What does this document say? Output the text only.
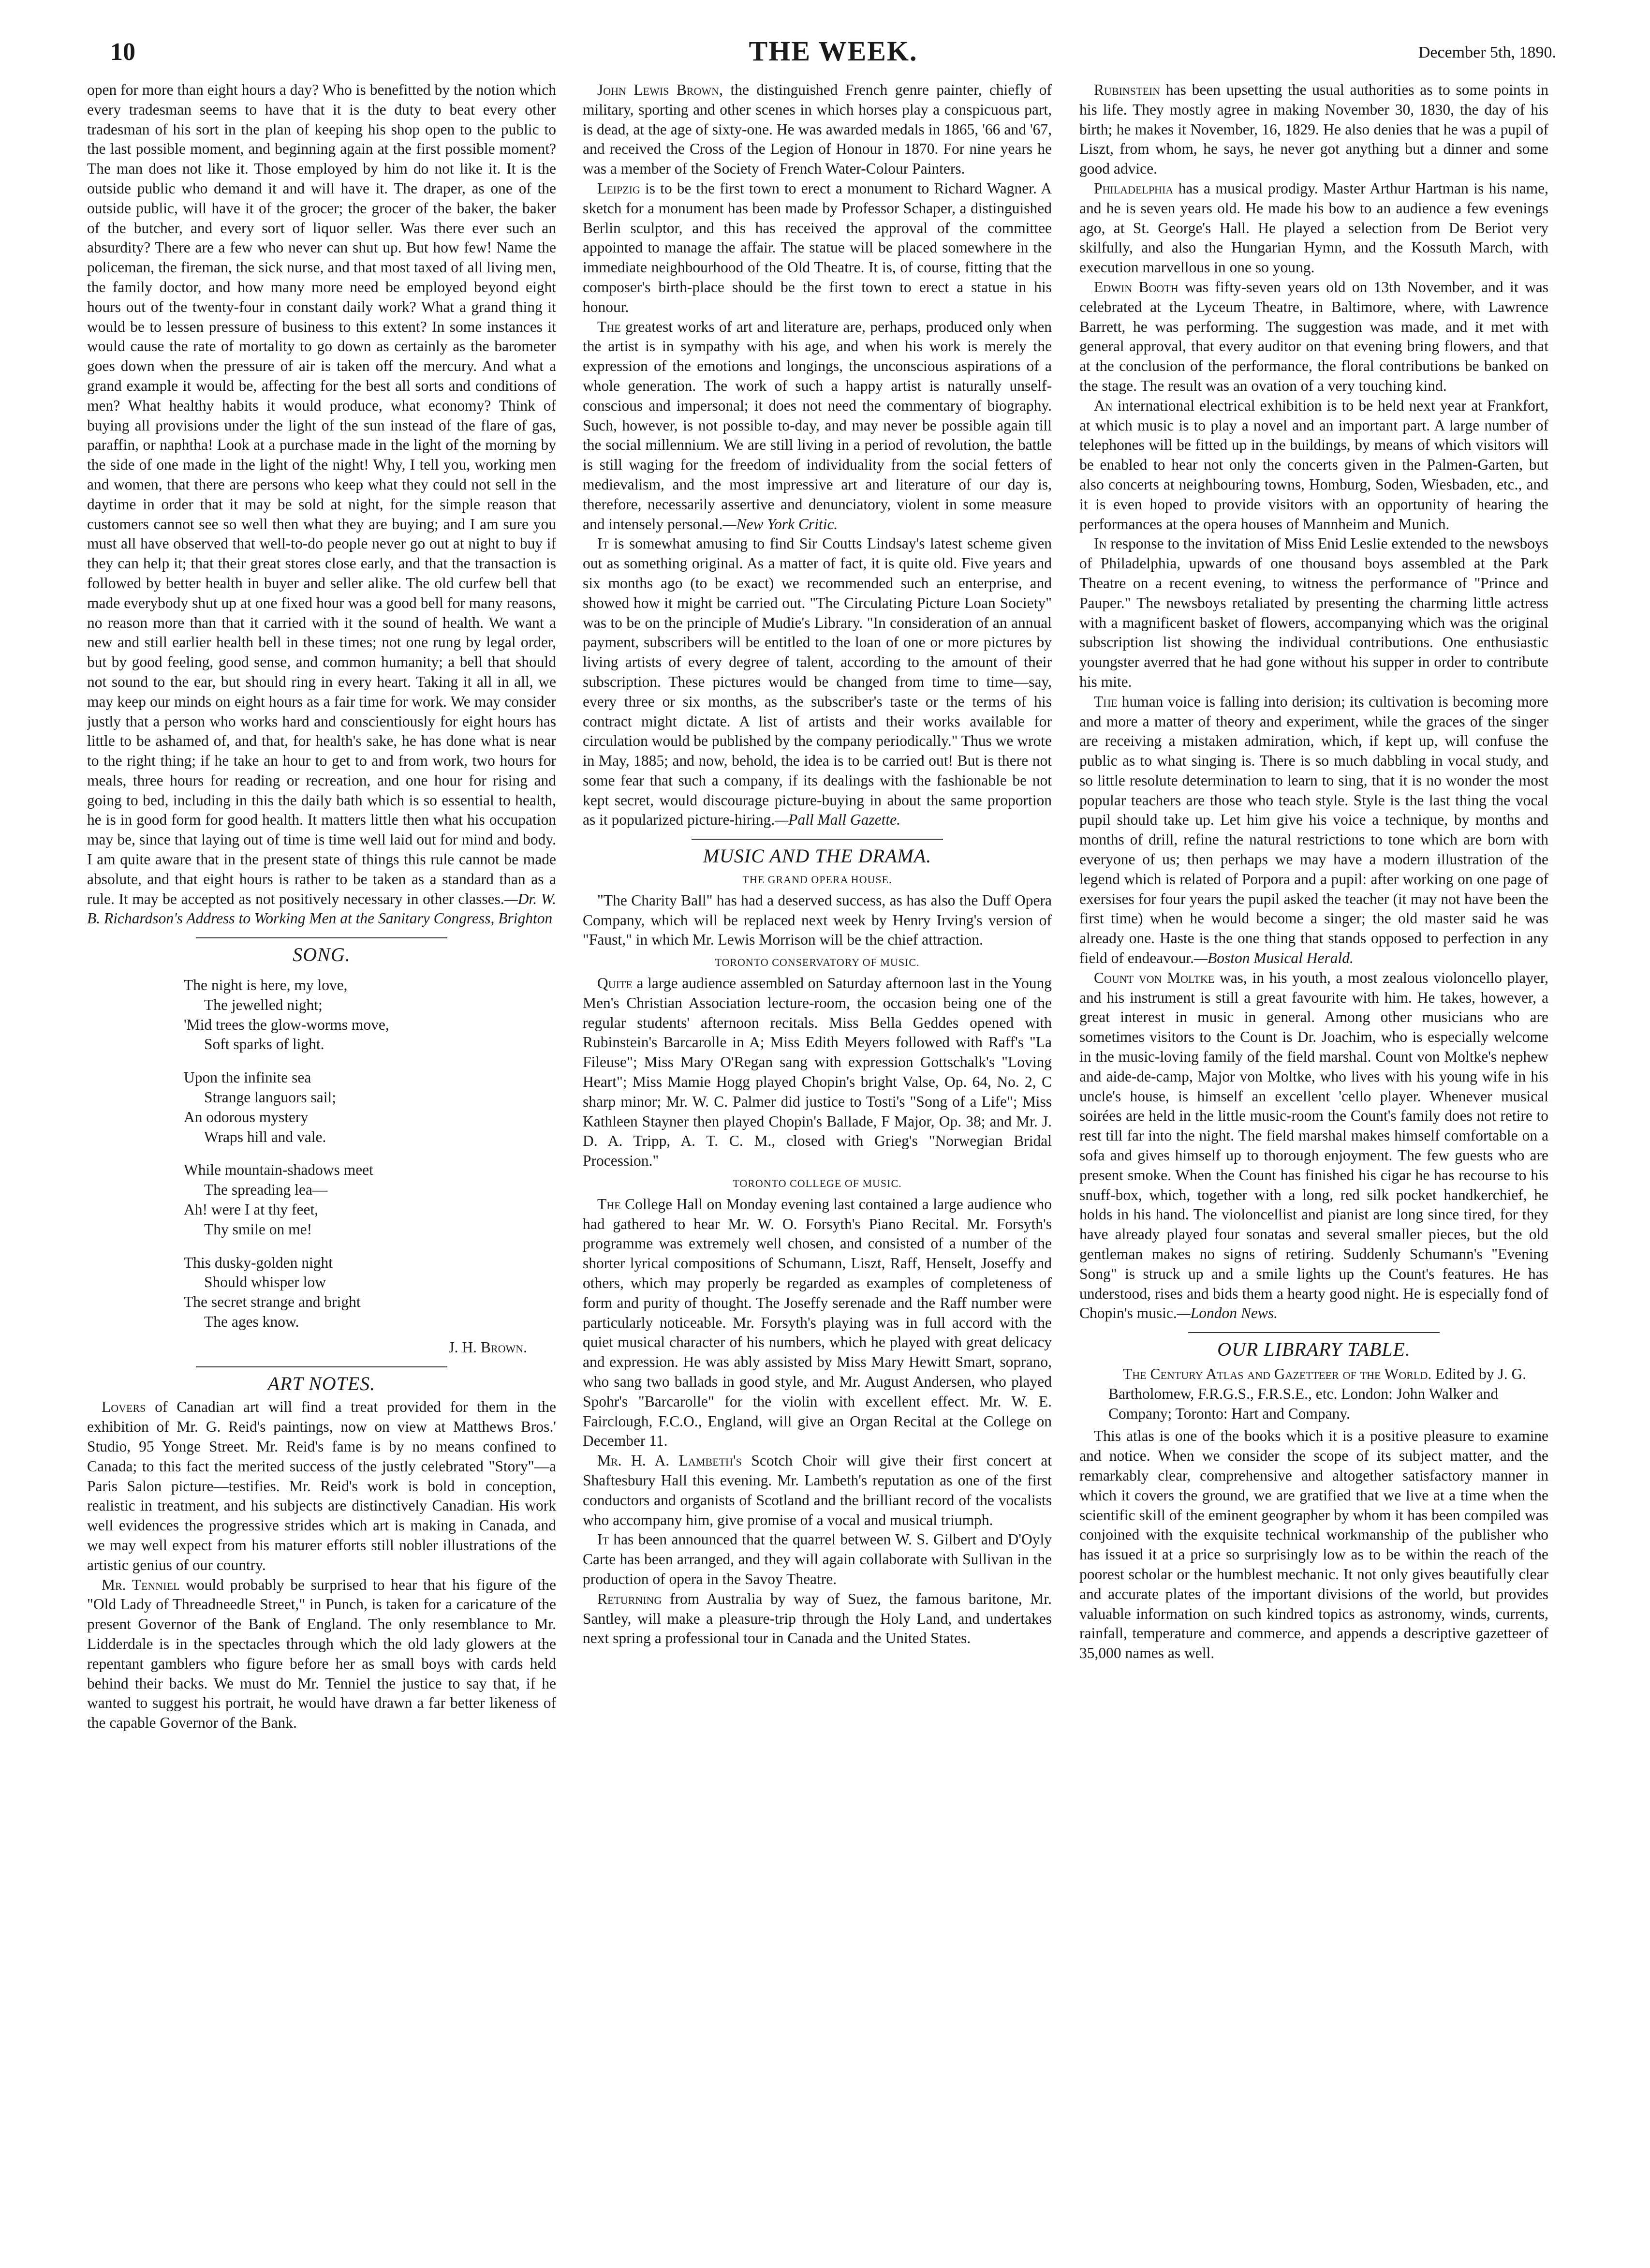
10	THE WEEK.	December 5th, 1890.

open for more than eight hours a day? Who is benefitted by the notion which every tradesman seems to have that it is the duty to beat every other tradesman of his sort in the plan of keeping his shop open to the public to the last possible moment, and beginning again at the first possible moment? The man does not like it. Those employed by him do not like it. It is the outside public who demand it and will have it. The draper, as one of the outside public, will have it of the grocer; the grocer of the baker, the baker of the butcher, and every sort of liquor seller. Was there ever such an absurdity? There are a few who never can shut up. But how few! Name the policeman, the fireman, the sick nurse, and that most taxed of all living men, the family doctor, and how many more need be employed beyond eight hours out of the twenty-four in constant daily work? What a grand thing it would be to lessen pressure of business to this extent? In some instances it would cause the rate of mortality to go down as certainly as the barometer goes down when the pressure of air is taken off the mercury. And what a grand example it would be, affecting for the best all sorts and conditions of men? What healthy habits it would produce, what economy? Think of buying all provisions under the light of the sun instead of the flare of gas, paraffin, or naphtha! Look at a purchase made in the light of the morning by the side of one made in the light of the night! Why, I tell you, working men and women, that there are persons who keep what they could not sell in the daytime in order that it may be sold at night, for the simple reason that customers cannot see so well then what they are buying; and I am sure you must all have observed that well-to-do people never go out at night to buy if they can help it; that their great stores close early, and that the transaction is followed by better health in buyer and seller alike. The old curfew bell that made everybody shut up at one fixed hour was a good bell for many reasons, no reason more than that it carried with it the sound of health. We want a new and still earlier health bell in these times; not one rung by legal order, but by good feeling, good sense, and common humanity; a bell that should not sound to the ear, but should ring in every heart. Taking it all in all, we may keep our minds on eight hours as a fair time for work. We may consider justly that a person who works hard and conscientiously for eight hours has little to be ashamed of, and that, for health's sake, he has done what is near to the right thing; if he take an hour to get to and from work, two hours for meals, three hours for reading or recreation, and one hour for rising and going to bed, including in this the daily bath which is so essential to health, he is in good form for good health. It matters little then what his occupation may be, since that laying out of time is time well laid out for mind and body. I am quite aware that in the present state of things this rule cannot be made absolute, and that eight hours is rather to be taken as a standard than as a rule. It may be accepted as not positively necessary in other classes.—Dr. W. B. Richardson's Address to Working Men at the Sanitary Congress, Brighton

SONG.
The night is here, my love,
The jewelled night;
'Mid trees the glow-worms move,
Soft sparks of light.
Upon the infinite sea
Strange languors sail;
An odorous mystery
Wraps hill and vale.
While mountain-shadows meet
The spreading lea—
Ah! were I at thy feet,
Thy smile on me!
This dusky-golden night
Should whisper low
The secret strange and bright
The ages know.
J. H. Brown.
ART NOTES.

Lovers of Canadian art will find a treat provided for them in the exhibition of Mr. G. Reid's paintings, now on view at Matthews Bros.' Studio, 95 Yonge Street. Mr. Reid's fame is by no means confined to Canada; to this fact the merited success of the justly celebrated "Story"—a Paris Salon picture—testifies. Mr. Reid's work is bold in conception, realistic in treatment, and his subjects are distinctively Canadian. His work well evidences the progressive strides which art is making in Canada, and we may well expect from his maturer efforts still nobler illustrations of the artistic genius of our country.

Mr. Tenniel would probably be surprised to hear that his figure of the "Old Lady of Threadneedle Street," in Punch, is taken for a caricature of the present Governor of the Bank of England. The only resemblance to Mr. Lidderdale is in the spectacles through which the old lady glowers at the repentant gamblers who figure before her as small boys with cards held behind their backs. We must do Mr. Tenniel the justice to say that, if he wanted to suggest his portrait, he would have drawn a far better likeness of the capable Governor of the Bank.

John Lewis Brown, the distinguished French genre painter, chiefly of military, sporting and other scenes in which horses play a conspicuous part, is dead, at the age of sixty-one. He was awarded medals in 1865, '66 and '67, and received the Cross of the Legion of Honour in 1870. For nine years he was a member of the Society of French Water-Colour Painters.

Leipzig is to be the first town to erect a monument to Richard Wagner. A sketch for a monument has been made by Professor Schaper, a distinguished Berlin sculptor, and this has received the approval of the committee appointed to manage the affair. The statue will be placed somewhere in the immediate neighbourhood of the Old Theatre. It is, of course, fitting that the composer's birth-place should be the first town to erect a statue in his honour.

The greatest works of art and literature are, perhaps, produced only when the artist is in sympathy with his age, and when his work is merely the expression of the emotions and longings, the unconscious aspirations of a whole generation. The work of such a happy artist is naturally unself-conscious and impersonal; it does not need the commentary of biography. Such, however, is not possible to-day, and may never be possible again till the social millennium. We are still living in a period of revolution, the battle is still waging for the freedom of individuality from the social fetters of medievalism, and the most impressive art and literature of our day is, therefore, necessarily assertive and denunciatory, violent in some measure and intensely personal.—New York Critic.

It is somewhat amusing to find Sir Coutts Lindsay's latest scheme given out as something original. As a matter of fact, it is quite old. Five years and six months ago (to be exact) we recommended such an enterprise, and showed how it might be carried out. "The Circulating Picture Loan Society" was to be on the principle of Mudie's Library. "In consideration of an annual payment, subscribers will be entitled to the loan of one or more pictures by living artists of every degree of talent, according to the amount of their subscription. These pictures would be changed from time to time—say, every three or six months, as the subscriber's taste or the terms of his contract might dictate. A list of artists and their works available for circulation would be published by the company periodically." Thus we wrote in May, 1885; and now, behold, the idea is to be carried out! But is there not some fear that such a company, if its dealings with the fashionable be not kept secret, would discourage picture-buying in about the same proportion as it popularized picture-hiring.—Pall Mall Gazette.

MUSIC AND THE DRAMA.
THE GRAND OPERA HOUSE.

"The Charity Ball" has had a deserved success, as has also the Duff Opera Company, which will be replaced next week by Henry Irving's version of "Faust," in which Mr. Lewis Morrison will be the chief attraction.

TORONTO CONSERVATORY OF MUSIC.

Quite a large audience assembled on Saturday afternoon last in the Young Men's Christian Association lecture-room, the occasion being one of the regular students' afternoon recitals. Miss Bella Geddes opened with Rubinstein's Barcarolle in A; Miss Edith Meyers followed with Raff's "La Fileuse"; Miss Mary O'Regan sang with expression Gottschalk's "Loving Heart"; Miss Mamie Hogg played Chopin's bright Valse, Op. 64, No. 2, C sharp minor; Mr. W. C. Palmer did justice to Tosti's "Song of a Life"; Miss Kathleen Stayner then played Chopin's Ballade, F Major, Op. 38; and Mr. J. D. A. Tripp, A. T. C. M., closed with Grieg's "Norwegian Bridal Procession."

TORONTO COLLEGE OF MUSIC.

The College Hall on Monday evening last contained a large audience who had gathered to hear Mr. W. O. Forsyth's Piano Recital. Mr. Forsyth's programme was extremely well chosen, and consisted of a number of the shorter lyrical compositions of Schumann, Liszt, Raff, Henselt, Joseffy and others, which may properly be regarded as examples of completeness of form and purity of thought. The Joseffy serenade and the Raff number were particularly noticeable. Mr. Forsyth's playing was in full accord with the quiet musical character of his numbers, which he played with great delicacy and expression. He was ably assisted by Miss Mary Hewitt Smart, soprano, who sang two ballads in good style, and Mr. August Andersen, who played Spohr's "Barcarolle" for the violin with excellent effect. Mr. W. E. Fairclough, F.C.O., England, will give an Organ Recital at the College on December 11.

Mr. H. A. Lambeth's Scotch Choir will give their first concert at Shaftesbury Hall this evening. Mr. Lambeth's reputation as one of the first conductors and organists of Scotland and the brilliant record of the vocalists who accompany him, give promise of a vocal and musical triumph.

It has been announced that the quarrel between W. S. Gilbert and D'Oyly Carte has been arranged, and they will again collaborate with Sullivan in the production of opera in the Savoy Theatre.

Returning from Australia by way of Suez, the famous baritone, Mr. Santley, will make a pleasure-trip through the Holy Land, and undertakes next spring a professional tour in Canada and the United States.

Rubinstein has been upsetting the usual authorities as to some points in his life. They mostly agree in making November 30, 1830, the day of his birth; he makes it November, 16, 1829. He also denies that he was a pupil of Liszt, from whom, he says, he never got anything but a dinner and some good advice.

Philadelphia has a musical prodigy. Master Arthur Hartman is his name, and he is seven years old. He made his bow to an audience a few evenings ago, at St. George's Hall. He played a selection from De Beriot very skilfully, and also the Hungarian Hymn, and the Kossuth March, with execution marvellous in one so young.

Edwin Booth was fifty-seven years old on 13th November, and it was celebrated at the Lyceum Theatre, in Baltimore, where, with Lawrence Barrett, he was performing. The suggestion was made, and it met with general approval, that every auditor on that evening bring flowers, and that at the conclusion of the performance, the floral contributions be banked on the stage. The result was an ovation of a very touching kind.

An international electrical exhibition is to be held next year at Frankfort, at which music is to play a novel and an important part. A large number of telephones will be fitted up in the buildings, by means of which visitors will be enabled to hear not only the concerts given in the Palmen-Garten, but also concerts at neighbouring towns, Homburg, Soden, Wiesbaden, etc., and it is even hoped to provide visitors with an opportunity of hearing the performances at the opera houses of Mannheim and Munich.

In response to the invitation of Miss Enid Leslie extended to the newsboys of Philadelphia, upwards of one thousand boys assembled at the Park Theatre on a recent evening, to witness the performance of "Prince and Pauper." The newsboys retaliated by presenting the charming little actress with a magnificent basket of flowers, accompanying which was the original subscription list showing the individual contributions. One enthusiastic youngster averred that he had gone without his supper in order to contribute his mite.

The human voice is falling into derision; its cultivation is becoming more and more a matter of theory and experiment, while the graces of the singer are receiving a mistaken admiration, which, if kept up, will confuse the public as to what singing is. There is so much dabbling in vocal study, and so little resolute determination to learn to sing, that it is no wonder the most popular teachers are those who teach style. Style is the last thing the vocal pupil should take up. Let him give his voice a technique, by months and months of drill, refine the natural restrictions to tone which are born with everyone of us; then perhaps we may have a modern illustration of the legend which is related of Porpora and a pupil: after working on one page of exersises for four years the pupil asked the teacher (it may not have been the first time) when he would become a singer; the old master said he was already one. Haste is the one thing that stands opposed to perfection in any field of endeavour.—Boston Musical Herald.

Count von Moltke was, in his youth, a most zealous violoncello player, and his instrument is still a great favourite with him. He takes, however, a great interest in music in general. Among other musicians who are sometimes visitors to the Count is Dr. Joachim, who is especially welcome in the music-loving family of the field marshal. Count von Moltke's nephew and aide-de-camp, Major von Moltke, who lives with his young wife in his uncle's house, is himself an excellent 'cello player. Whenever musical soirées are held in the little music-room the Count's family does not retire to rest till far into the night. The field marshal makes himself comfortable on a sofa and gives himself up to thorough enjoyment. The few guests who are present smoke. When the Count has finished his cigar he has recourse to his snuff-box, which, together with a long, red silk pocket handkerchief, he holds in his hand. The violoncellist and pianist are long since tired, for they have already played four sonatas and several smaller pieces, but the old gentleman makes no signs of retiring. Suddenly Schumann's "Evening Song" is struck up and a smile lights up the Count's features. He has understood, rises and bids them a hearty good night. He is especially fond of Chopin's music.—London News.

OUR LIBRARY TABLE.

The Century Atlas and Gazetteer of the World. Edited by J. G. Bartholomew, F.R.G.S., F.R.S.E., etc. London: John Walker and Company; Toronto: Hart and Company.

This atlas is one of the books which it is a positive pleasure to examine and notice. When we consider the scope of its subject matter, and the remarkably clear, comprehensive and altogether satisfactory manner in which it covers the ground, we are gratified that we live at a time when the scientific skill of the eminent geographer by whom it has been compiled was conjoined with the exquisite technical workmanship of the publisher who has issued it at a price so surprisingly low as to be within the reach of the poorest scholar or the humblest mechanic. It not only gives beautifully clear and accurate plates of the important divisions of the world, but provides valuable information on such kindred topics as astronomy, winds, currents, rainfall, temperature and commerce, and appends a descriptive gazetteer of 35,000 names as well.
